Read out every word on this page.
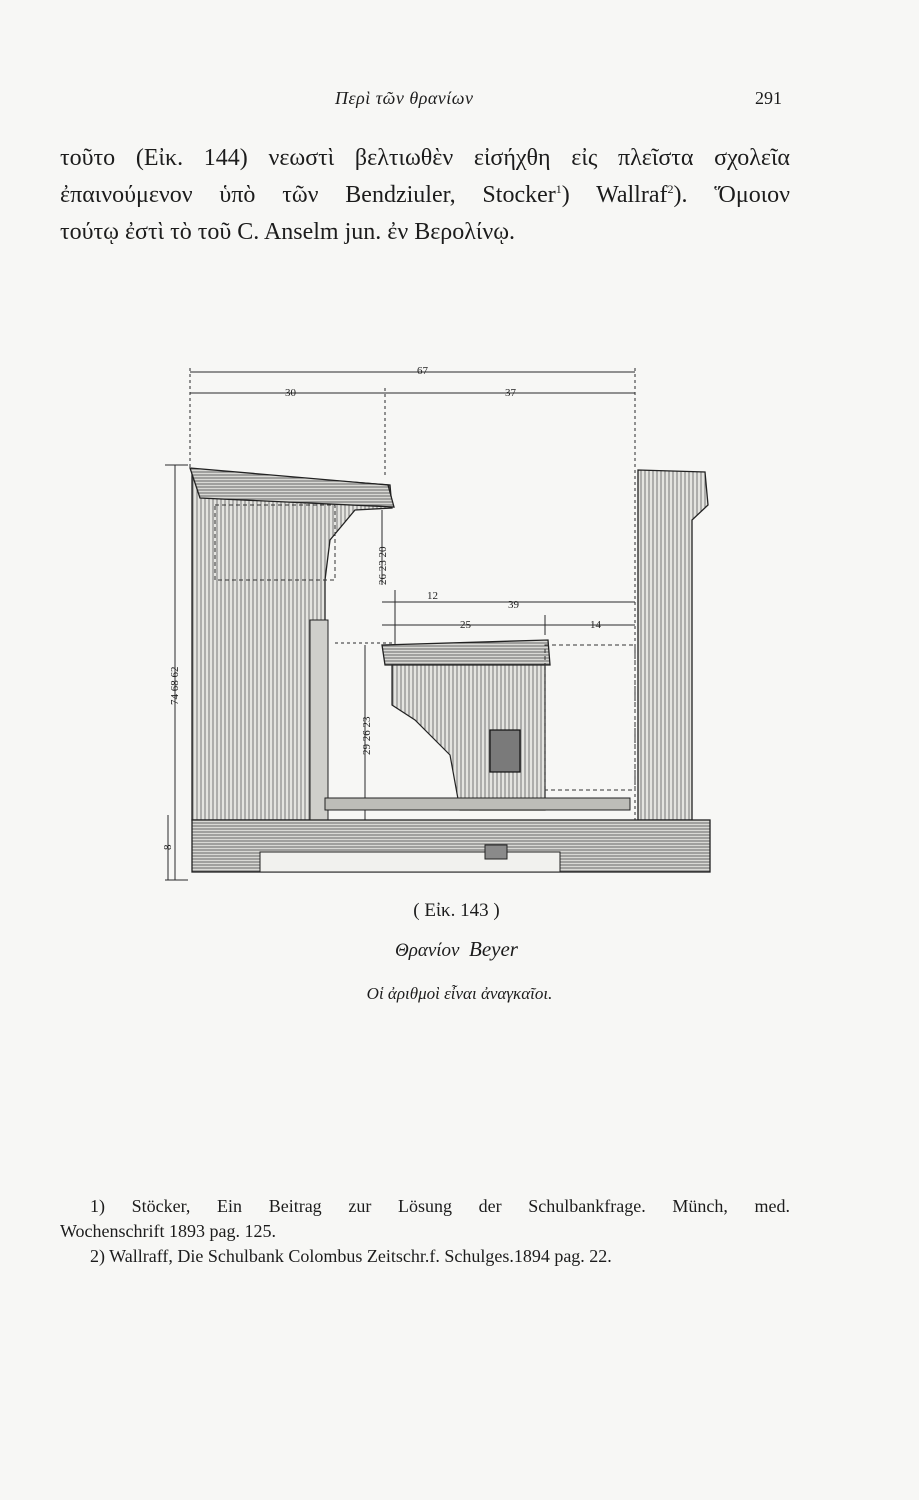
Περὶ τῶν θρανίων	291

τοῦτο (Εἰκ. 144) νεωστὶ βελτιωθὲν εἰσήχθη εἰς πλεῖστα σχολεῖα

ἐπαινούμενον ὑπὸ τῶν Bendziuler, Stocker$^1$) Wallraf$^2$). Ὅμοιον

τούτῳ ἐστὶ τὸ τοῦ C. Anselm jun. ἐν Βερολίνῳ.

67
30	37
12
39
25	14
26 23 20
29 26 23
74 68 62
8
( Εἰκ. 143 )
Θρανίον Beyer
Οἱ ἀριθμοὶ εἶναι ἀναγκαῖοι.

1) Stöcker, Ein Beitrag zur Lösung der Schulbankfrage. Münch, med.

Wochenschrift 1893 pag. 125.

2) Wallraff, Die Schulbank Colombus Zeitschr.f. Schulges.1894 pag. 22.
